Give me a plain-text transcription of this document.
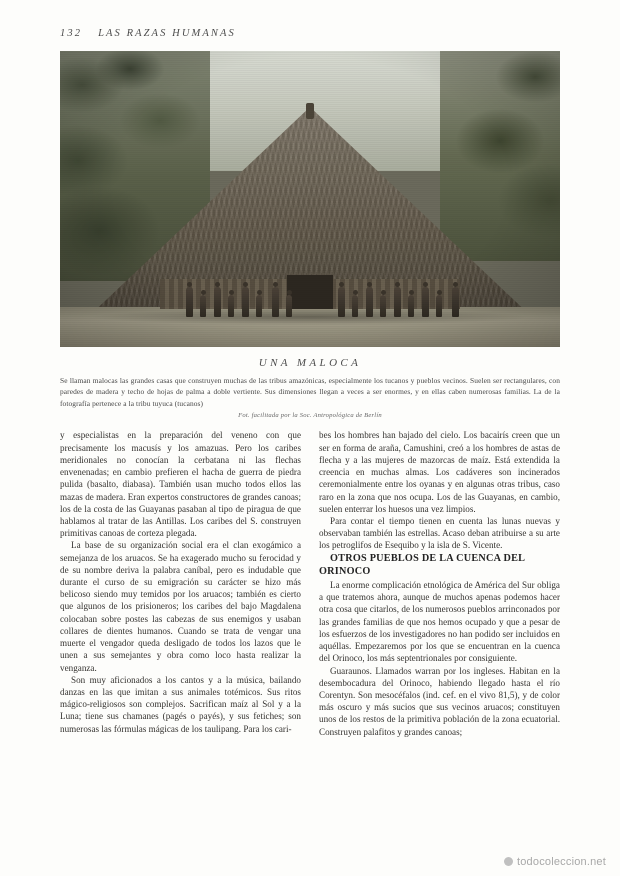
132 LAS RAZAS HUMANAS
UNA MALOCA
Se llaman malocas las grandes casas que construyen muchas de las tribus amazónicas, especialmente los tucanos y pueblos vecinos. Suelen ser rectangulares, con paredes de madera y techo de hojas de palma a doble vertiente. Sus dimensiones llegan a veces a ser enormes, y en ellas caben numerosas familias. La de la fotografía pertenece a la tribu tuyuca (tucanos)
Fot. facilitada por la Soc. Antropológica de Berlín

y especialistas en la preparación del veneno con que precisamente los macusís y los amazuas. Pero los caribes meridionales no conocían la cerbatana ni las flechas envenenadas; en cambio prefieren el hacha de guerra de piedra pulida (basalto, diabasa). También usan mucho todos ellos las mazas de madera. Eran expertos constructores de grandes canoas; los de la costa de las Guayanas pasaban al tipo de piragua de que hablamos al tratar de las Antillas. Los caribes del S. construyen primitivas canoas de corteza plegada.

La base de su organización social era el clan exogámico a semejanza de los aruacos. Se ha exagerado mucho su ferocidad y de su nombre deriva la palabra caníbal, pero es indudable que durante el curso de su emigración su carácter se hizo más belicoso siendo muy temidos por los aruacos; también es cierto que algunos de los prisioneros; los caribes del bajo Magdalena colocaban sobre postes las cabezas de sus enemigos y usaban collares de dientes humanos. Cuando se trata de vengar una muerte el vengador queda desligado de todos los lazos que le unen a sus semejantes y obra como loco hasta realizar la venganza.

Son muy aficionados a los cantos y a la música, bailando danzas en las que imitan a sus animales totémicos. Sus ritos mágico-religiosos son complejos. Sacrifican maíz al Sol y a la Luna; tiene sus chamanes (pagés o payés), y sus fetiches; son numerosas las fórmulas mágicas de los taulipang. Para los cari-

bes los hombres han bajado del cielo. Los bacairís creen que un ser en forma de araña, Camushini, creó a los hombres de astas de flecha y a las mujeres de mazorcas de maíz. Está extendida la creencia en muchas almas. Los cadáveres son incinerados ceremonialmente entre los oyanas y en algunas otras tribus, caso raro en la zona que nos ocupa. Los de las Guayanas, en cambio, suelen enterrar los huesos una vez limpios.

Para contar el tiempo tienen en cuenta las lunas nuevas y observaban también las estrellas. Acaso deban atribuirse a su arte los petroglifos de Esequibo y la isla de S. Vicente.

OTROS PUEBLOS DE LA CUENCA DEL ORINOCO

La enorme complicación etnológica de América del Sur obliga a que tratemos ahora, aunque de muchos apenas podemos hacer otra cosa que citarlos, de los numerosos pueblos arrinconados por las grandes familias de que nos hemos ocupado y que a pesar de los esfuerzos de los investigadores no han podido ser incluidos en aquéllas. Empezaremos por los que se encuentran en la cuenca del Orinoco, los más septentrionales por consiguiente.

Guaraunos. Llamados warran por los ingleses. Habitan en la desembocadura del Orinoco, habiendo llegado hasta el río Corentyn. Son mesocéfalos (ind. cef. en el vivo 81,5), y de color más oscuro y más sucios que sus vecinos aruacos; constituyen unos de los restos de la primitiva población de la zona ecuatorial. Construyen palafitos y grandes canoas;

todocoleccion.net
